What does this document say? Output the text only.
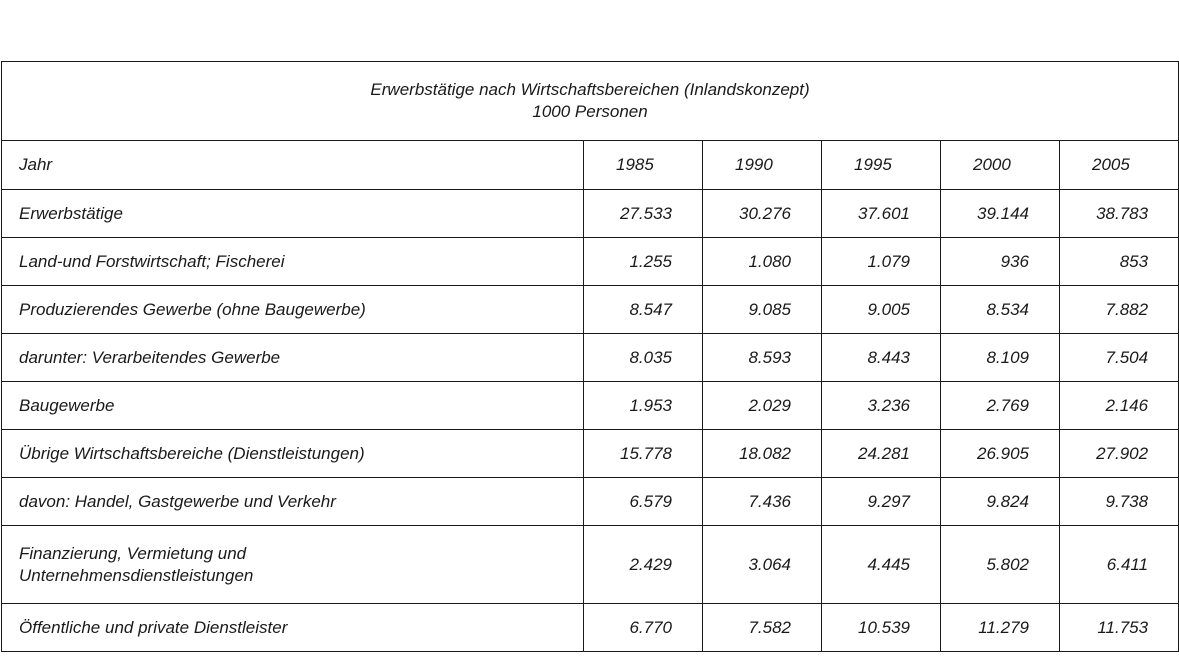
Erwerbstätige nach Wirtschaftsbereichen (Inlandskonzept)
1000 Personen					

Jahr	1985	1990	1995	2000	2005
Erwerbstätige	27.533	30.276	37.601	39.144	38.783
Land-und Forstwirtschaft; Fischerei	1.255	1.080	1.079	936	853
Produzierendes Gewerbe (ohne Baugewerbe)	8.547	9.085	9.005	8.534	7.882
darunter: Verarbeitendes Gewerbe	8.035	8.593	8.443	8.109	7.504
Baugewerbe	1.953	2.029	3.236	2.769	2.146
Übrige Wirtschaftsbereiche (Dienstleistungen)	15.778	18.082	24.281	26.905	27.902
davon: Handel, Gastgewerbe und Verkehr	6.579	7.436	9.297	9.824	9.738

Finanzierung, Vermietung und
Unternehmensdienstleistungen	2.429	3.064	4.445	5.802	6.411
Öffentliche und private Dienstleister	6.770	7.582	10.539	11.279	11.753
